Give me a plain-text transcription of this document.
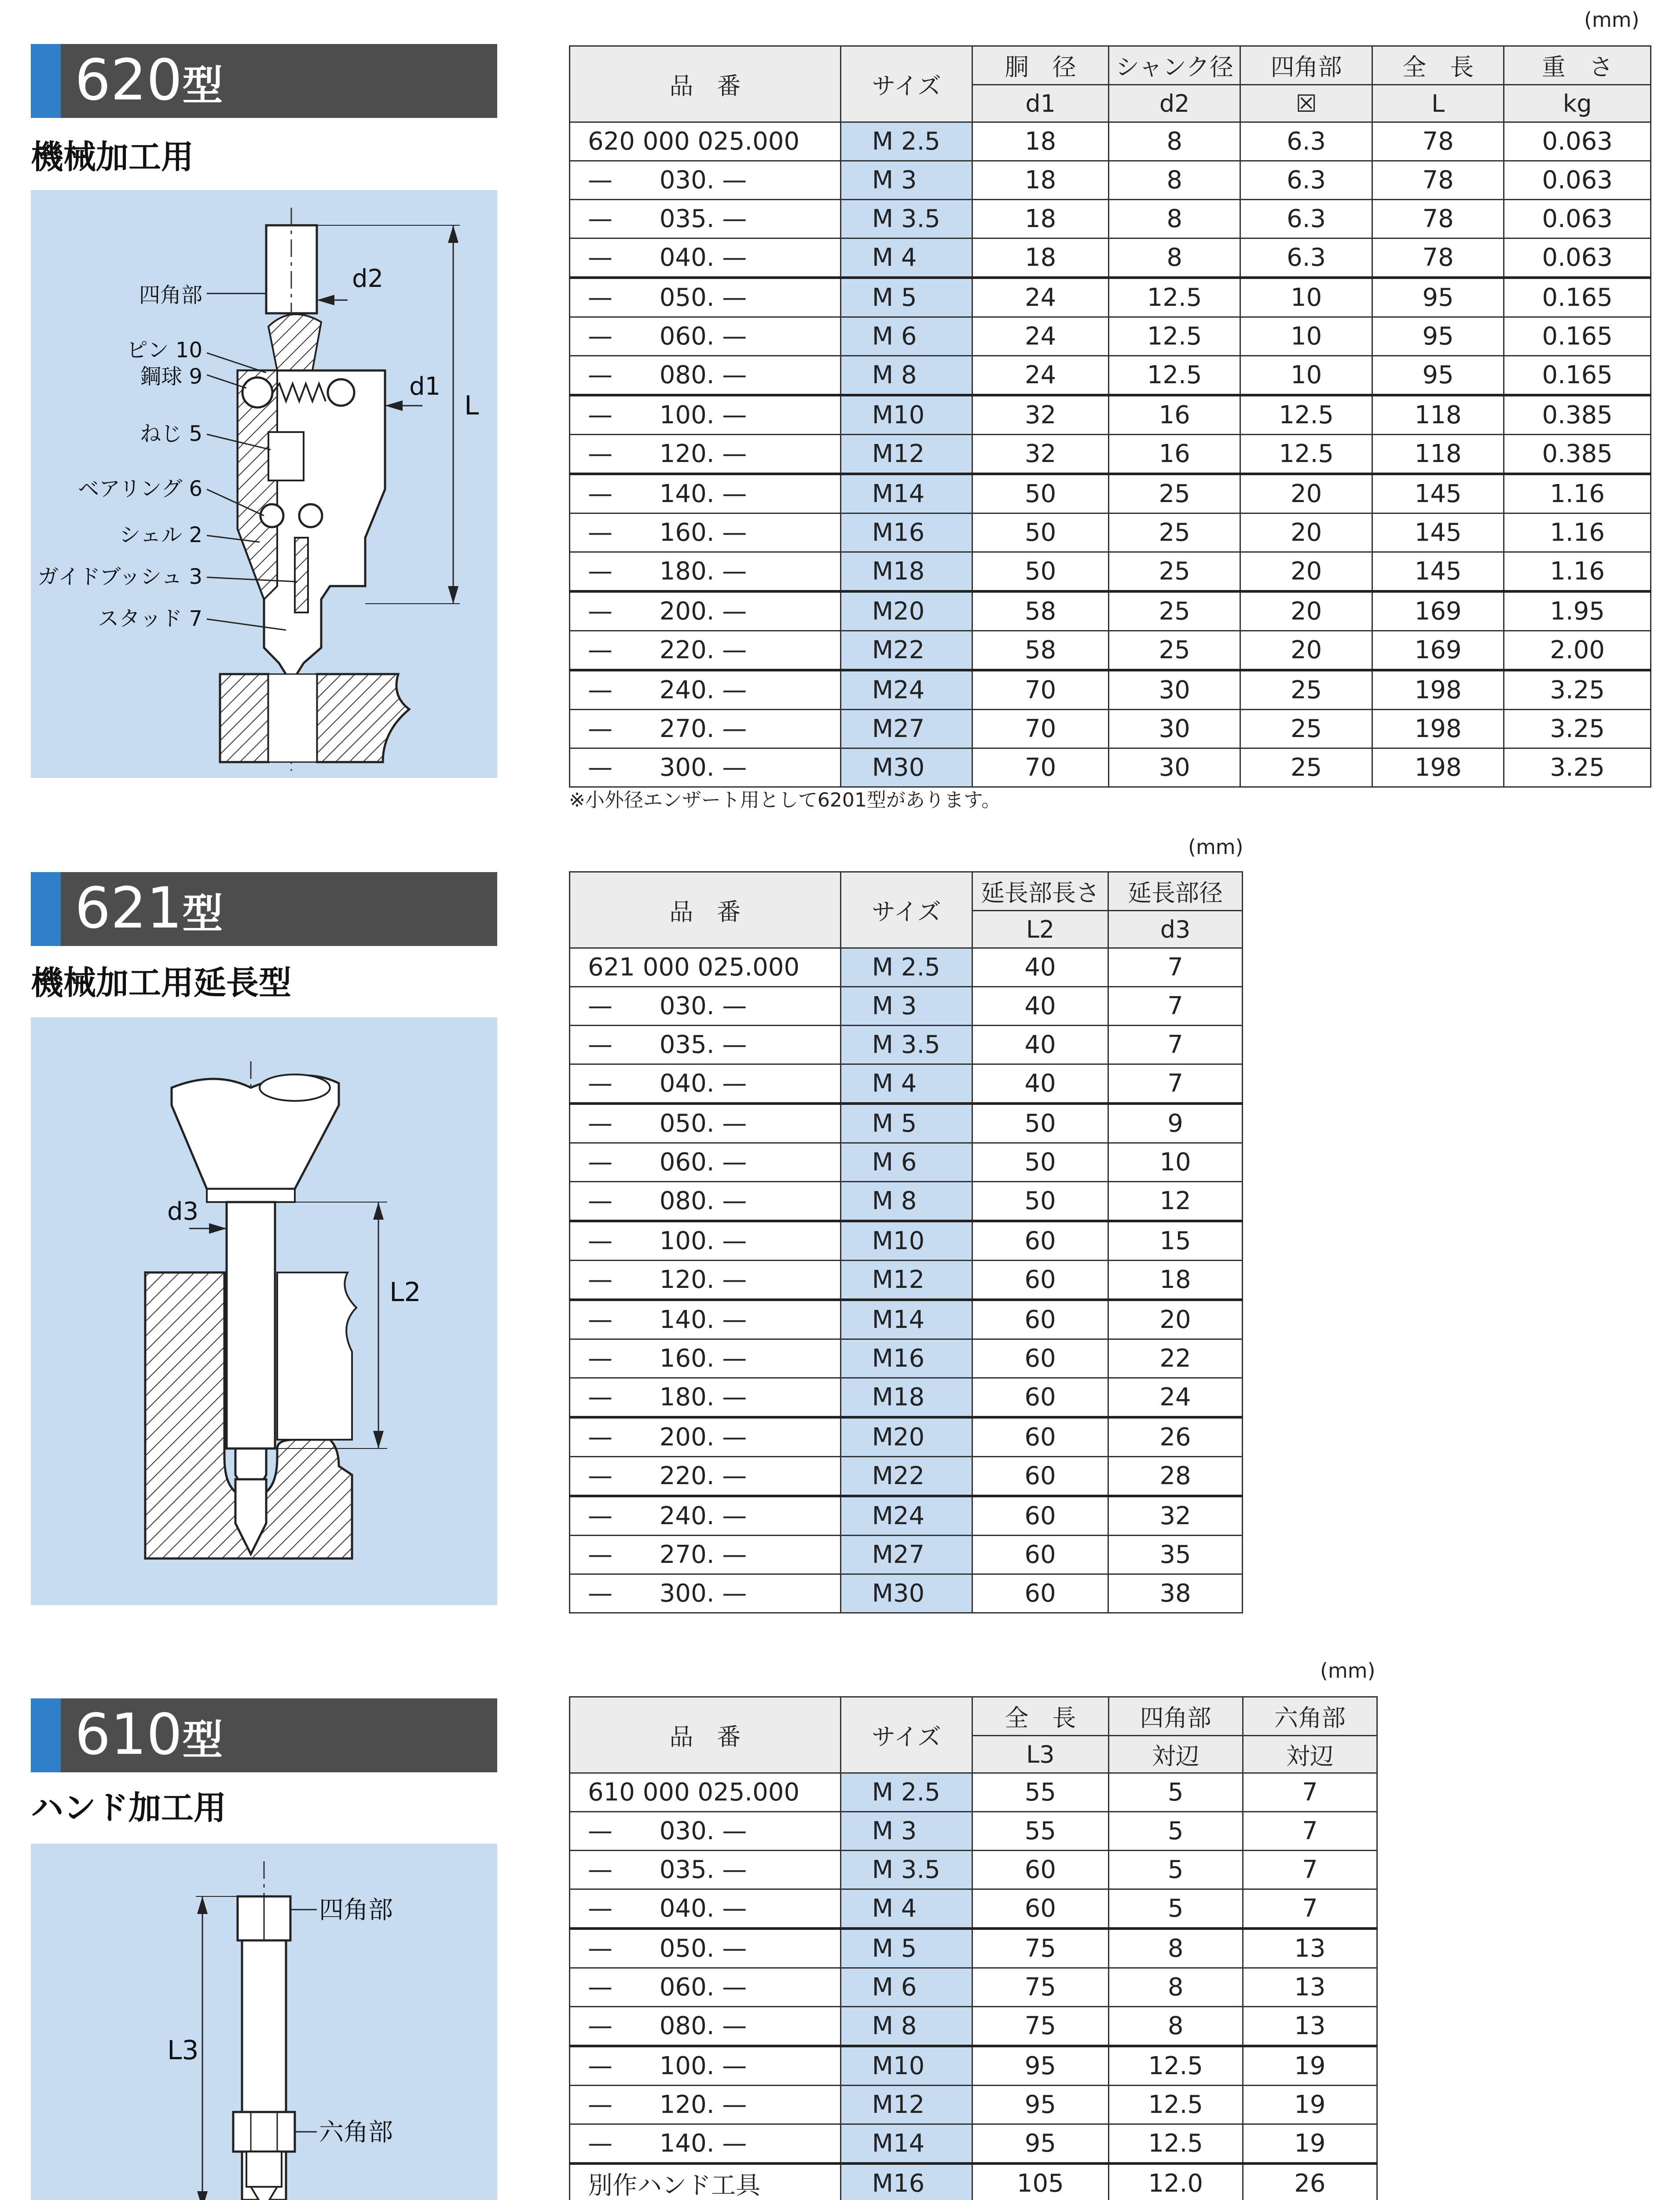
620型
機械加工用
四角部
ピン 10
鋼球 9
ねじ 5
ベアリング 6
シェル 2
ガイドブッシュ 3
スタッド 7
d2
d1
L
(mm)
品　番	サイズ	胴　径	シャンク径	四角部	全　長	重　さ
		d1	d2	☒	L	kg
620 000 025.000	M 2.5	18	8	6.3	78	0.063
—      030. —	M 3	18	8	6.3	78	0.063
—      035. —	M 3.5	18	8	6.3	78	0.063
—      040. —	M 4	18	8	6.3	78	0.063
—      050. —	M 5	24	12.5	10	95	0.165
—      060. —	M 6	24	12.5	10	95	0.165
—      080. —	M 8	24	12.5	10	95	0.165
—      100. —	M10	32	16	12.5	118	0.385
—      120. —	M12	32	16	12.5	118	0.385
—      140. —	M14	50	25	20	145	1.16
—      160. —	M16	50	25	20	145	1.16
—      180. —	M18	50	25	20	145	1.16
—      200. —	M20	58	25	20	169	1.95
—      220. —	M22	58	25	20	169	2.00
—      240. —	M24	70	30	25	198	3.25
—      270. —	M27	70	30	25	198	3.25
—      300. —	M30	70	30	25	198	3.25
※小外径エンザート用として6201型があります。
621型
機械加工用延長型
d3
L2
(mm)
品　番	サイズ	延長部長さ	延長部径
		L2	d3
621 000 025.000	M 2.5	40	7
—      030. —	M 3	40	7
—      035. —	M 3.5	40	7
—      040. —	M 4	40	7
—      050. —	M 5	50	9
—      060. —	M 6	50	10
—      080. —	M 8	50	12
—      100. —	M10	60	15
—      120. —	M12	60	18
—      140. —	M14	60	20
—      160. —	M16	60	22
—      180. —	M18	60	24
—      200. —	M20	60	26
—      220. —	M22	60	28
—      240. —	M24	60	32
—      270. —	M27	60	35
—      300. —	M30	60	38
610型
ハンド加工用
四角部
六角部
L3
(mm)
品　番	サイズ	全　長	四角部	六角部
		L3	対辺	対辺
610 000 025.000	M 2.5	55	5	7
—      030. —	M 3	55	5	7
—      035. —	M 3.5	60	5	7
—      040. —	M 4	60	5	7
—      050. —	M 5	75	8	13
—      060. —	M 6	75	8	13
—      080. —	M 8	75	8	13
—      100. —	M10	95	12.5	19
—      120. —	M12	95	12.5	19
—      140. —	M14	95	12.5	19
別作ハンド工具	M16	105	12.0	26
